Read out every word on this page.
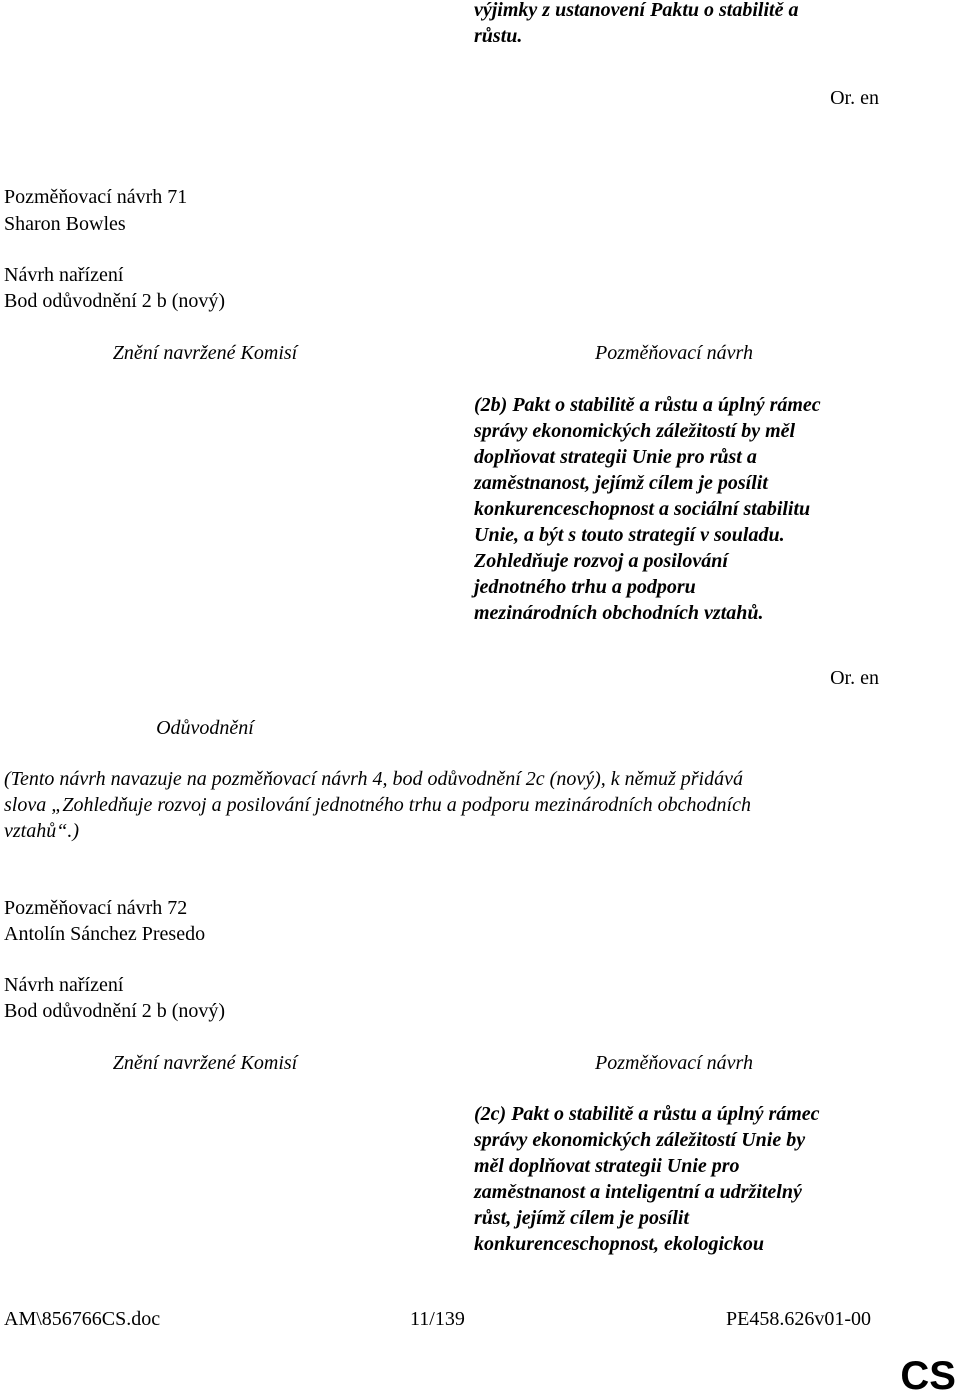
výjimky z ustanovení Paktu o stabilitě a
růstu.
Or. en
Pozměňovací návrh 71
Sharon Bowles
Návrh nařízení
Bod odůvodnění 2 b (nový)
Znění navržené Komisí	Pozměňovací návrh
(2b) Pakt o stabilitě a růstu a úplný rámec
správy ekonomických záležitostí by měl
doplňovat strategii Unie pro růst a
zaměstnanost, jejímž cílem je posílit
konkurenceschopnost a sociální stabilitu
Unie, a být s touto strategií v souladu.
Zohledňuje rozvoj a posilování
jednotného trhu a podporu
mezinárodních obchodních vztahů.
Or. en
Odůvodnění
(Tento návrh navazuje na pozměňovací návrh 4, bod odůvodnění 2c (nový), k němuž přidává
slova „Zohledňuje rozvoj a posilování jednotného trhu a podporu mezinárodních obchodních
vztahů“.)
Pozměňovací návrh 72
Antolín Sánchez Presedo
Návrh nařízení
Bod odůvodnění 2 b (nový)
Znění navržené Komisí	Pozměňovací návrh
(2c) Pakt o stabilitě a růstu a úplný rámec
správy ekonomických záležitostí Unie by
měl doplňovat strategii Unie pro
zaměstnanost a inteligentní a udržitelný
růst, jejímž cílem je posílit
konkurenceschopnost, ekologickou
AM\856766CS.doc	11/139	PE458.626v01-00
CS
